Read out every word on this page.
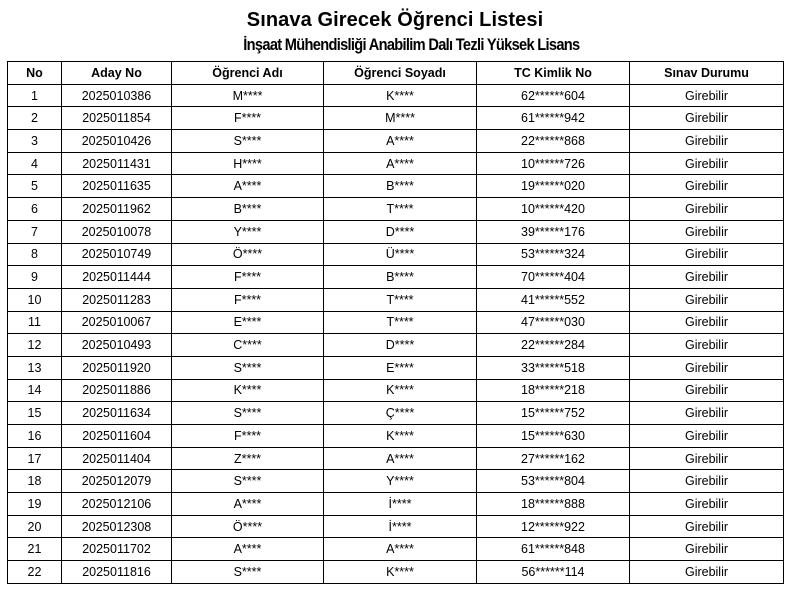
Sınava Girecek Öğrenci Listesi
İnşaat Mühendisliği Anabilim Dalı Tezli Yüksek Lisans
No	Aday No	Öğrenci Adı	Öğrenci Soyadı	TC Kimlik No	Sınav Durumu
1	2025010386	M****	K****	62******604	Girebilir
2	2025011854	F****	M****	61******942	Girebilir
3	2025010426	S****	A****	22******868	Girebilir
4	2025011431	H****	A****	10******726	Girebilir
5	2025011635	A****	B****	19******020	Girebilir
6	2025011962	B****	T****	10******420	Girebilir
7	2025010078	Y****	D****	39******176	Girebilir
8	2025010749	Ö****	Ü****	53******324	Girebilir
9	2025011444	F****	B****	70******404	Girebilir
10	2025011283	F****	T****	41******552	Girebilir
11	2025010067	E****	T****	47******030	Girebilir
12	2025010493	C****	D****	22******284	Girebilir
13	2025011920	S****	E****	33******518	Girebilir
14	2025011886	K****	K****	18******218	Girebilir
15	2025011634	S****	Ç****	15******752	Girebilir
16	2025011604	F****	K****	15******630	Girebilir
17	2025011404	Z****	A****	27******162	Girebilir
18	2025012079	S****	Y****	53******804	Girebilir
19	2025012106	A****	İ****	18******888	Girebilir
20	2025012308	Ö****	İ****	12******922	Girebilir
21	2025011702	A****	A****	61******848	Girebilir
22	2025011816	S****	K****	56******114	Girebilir
